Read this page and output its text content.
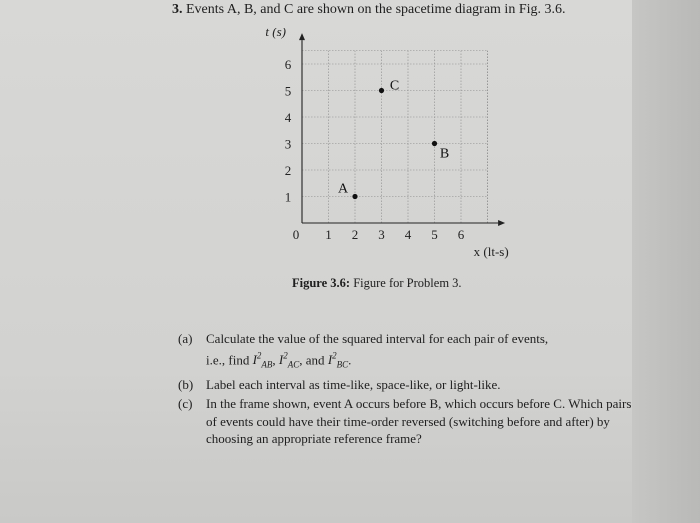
3. Events A, B, and C are shown on the spacetime diagram in Fig. 3.6.
0 1 2 3 4 5 6
1
2
3
4
5
6
t (s)
x (lt-s)
A
B
C
Figure 3.6: Figure for Problem 3.
(a) Calculate the value of the squared interval for each pair of events,
i.e., find $I^2_{AB}$, $I^2_{AC}$, and $I^2_{BC}$.
(b) Label each interval as time-like, space-like, or light-like.
(c) In the frame shown, event A occurs before B, which occurs before C. Which pairs of events could have their time-order reversed (switching before and after) by choosing an appropriate reference frame?
